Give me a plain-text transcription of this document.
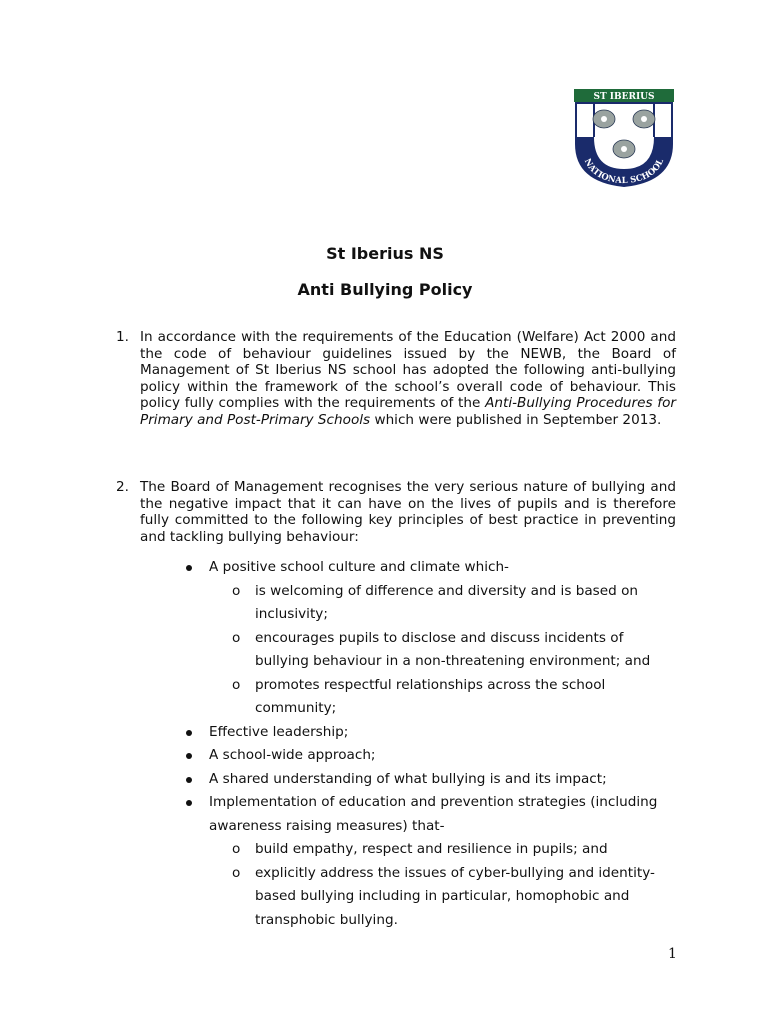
ST IBERIUS
NATIONAL SCHOOL
St Iberius NS
Anti Bullying Policy
1. In accordance with the requirements of the Education (Welfare) Act 2000 and the code of behaviour guidelines issued by the NEWB, the Board of Management of St Iberius NS school has adopted the following anti-bullying policy within the framework of the school’s overall code of behaviour. This policy fully complies with the requirements of the Anti-Bullying Procedures for Primary and Post-Primary Schools which were published in September 2013.
2. The Board of Management recognises the very serious nature of bullying and the negative impact that it can have on the lives of pupils and is therefore fully committed to the following key principles of best practice in preventing and tackling bullying behaviour:
A positive school culture and climate which-
o is welcoming of difference and diversity and is based on inclusivity;
o encourages pupils to disclose and discuss incidents of bullying behaviour in a non-threatening environment; and
o promotes respectful relationships across the school community;
Effective leadership;
A school-wide approach;
A shared understanding of what bullying is and its impact;
Implementation of education and prevention strategies (including awareness raising measures) that-
o build empathy, respect and resilience in pupils; and
o explicitly address the issues of cyber-bullying and identity-based bullying including in particular, homophobic and transphobic bullying.
1
